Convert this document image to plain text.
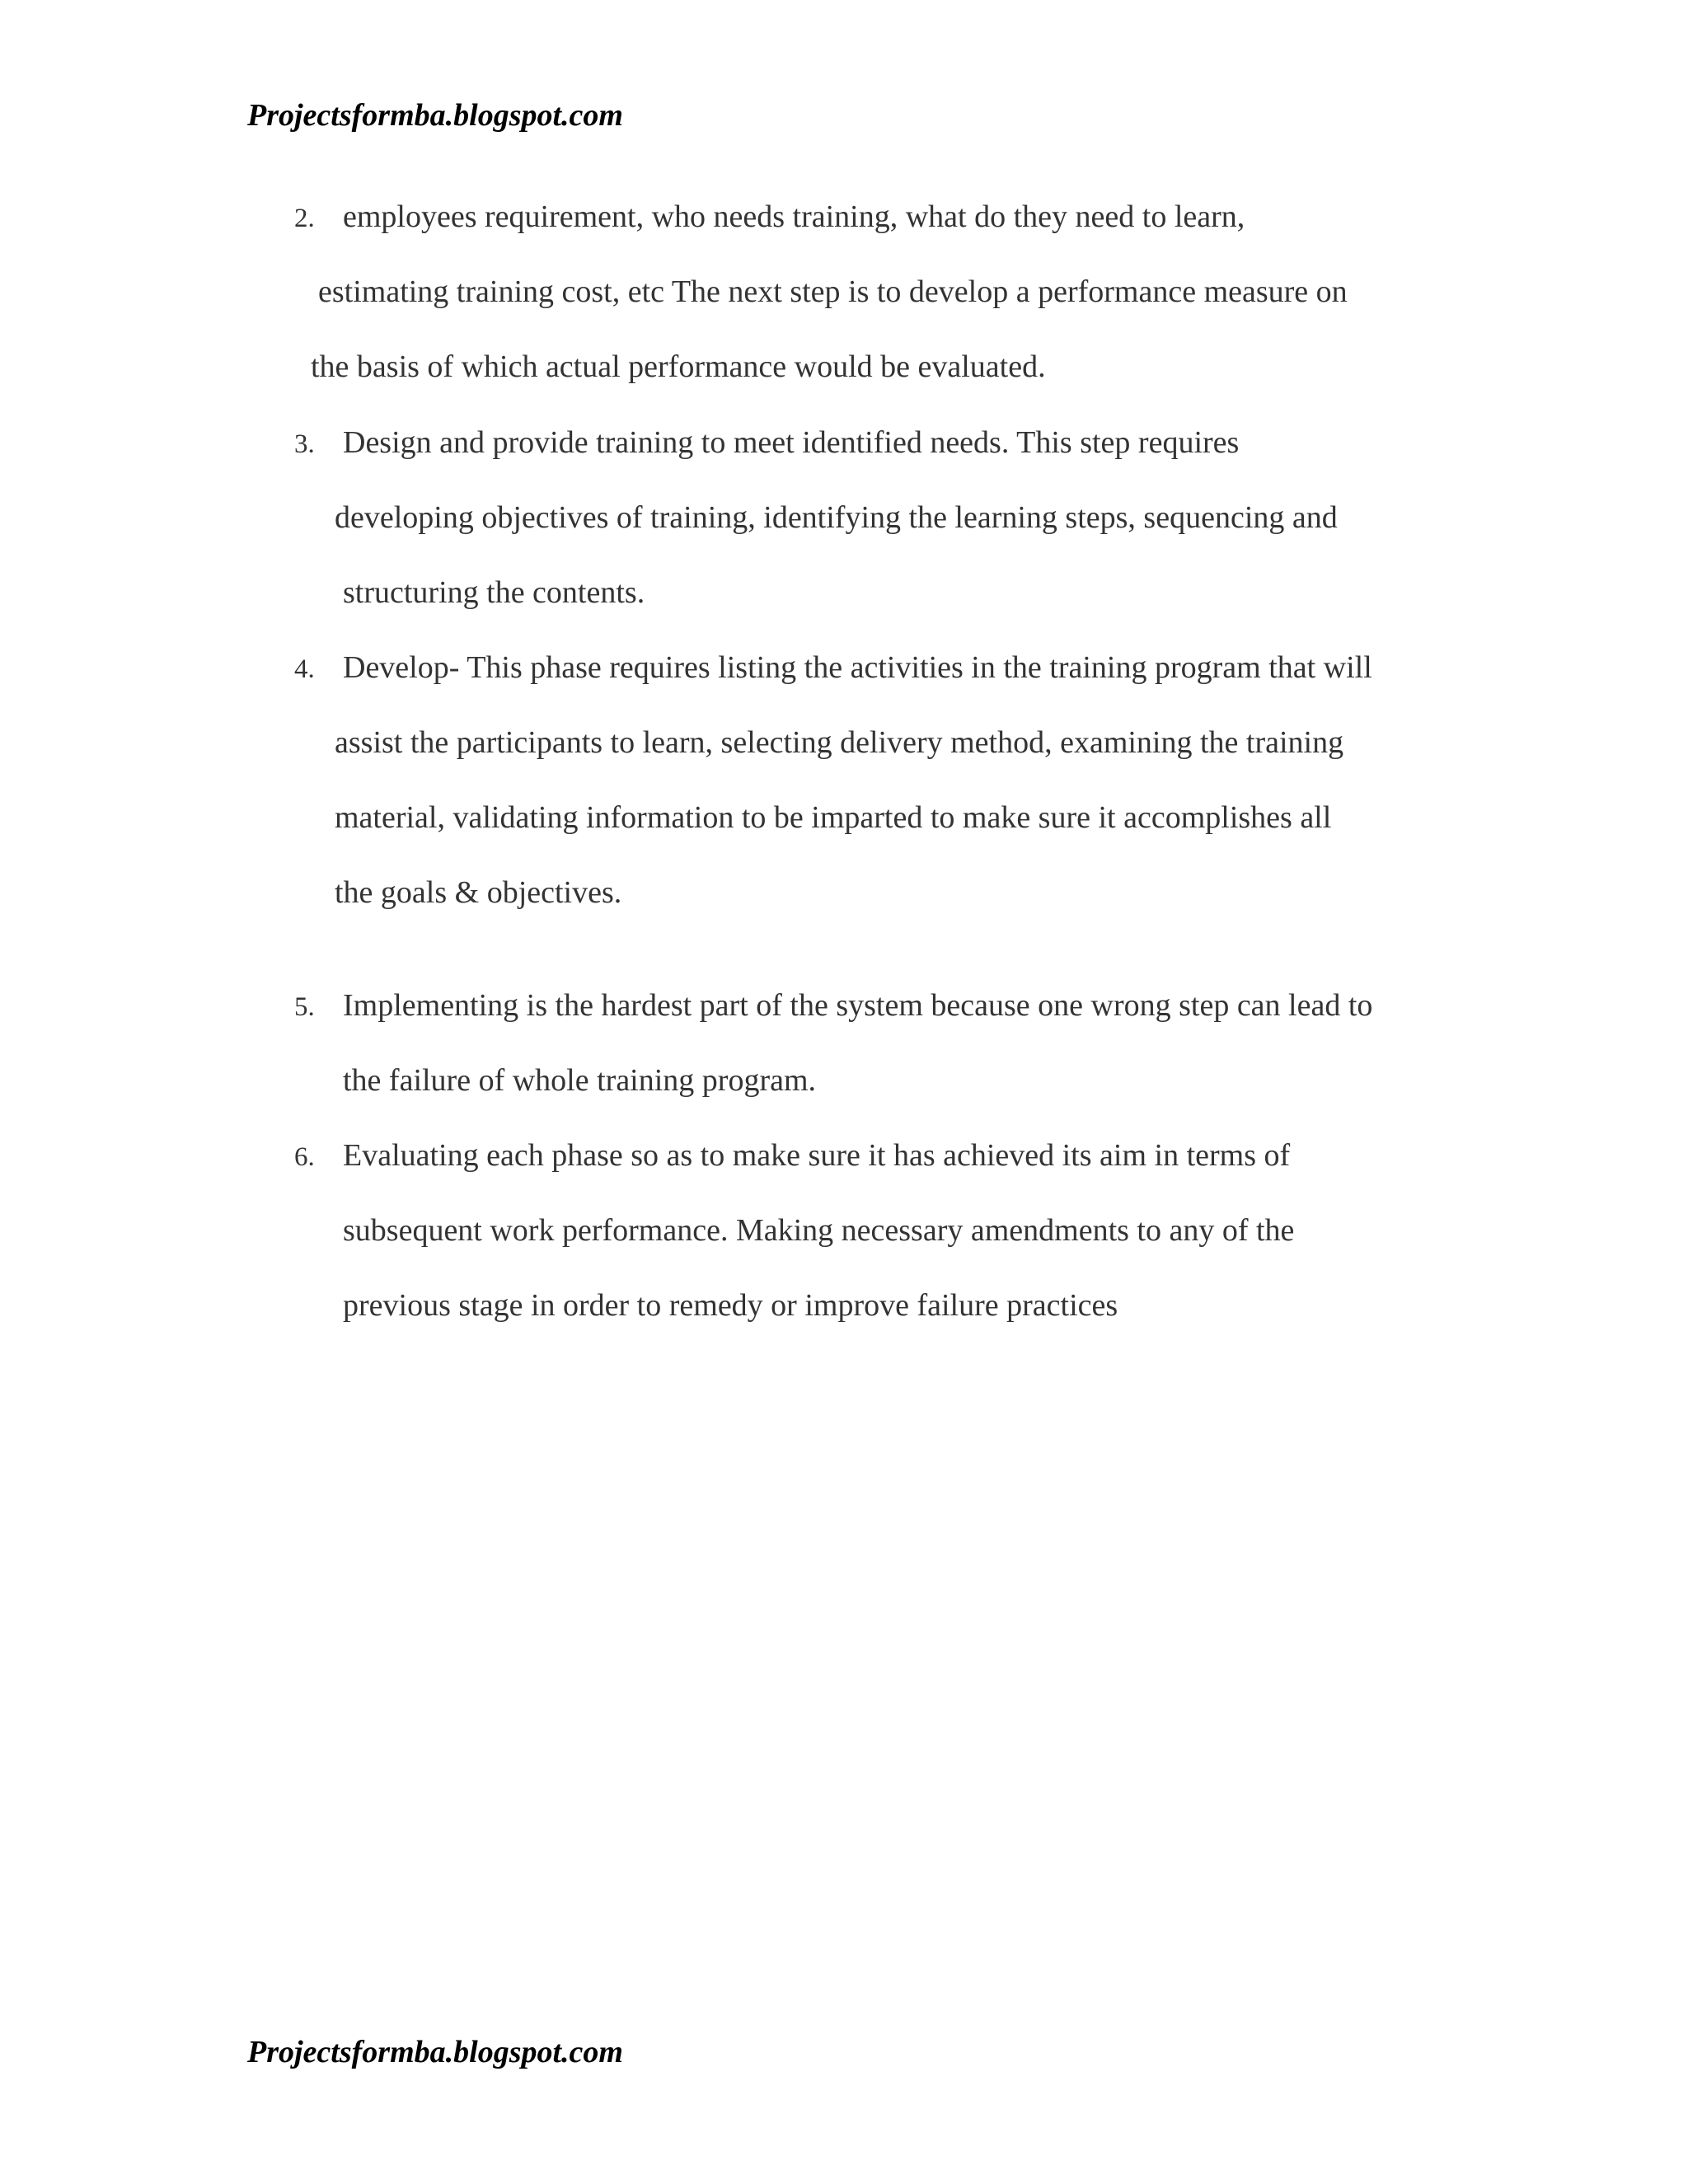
Projectsformba.blogspot.com
2. employees requirement, who needs training, what do they need to learn,
estimating training cost, etc The next step is to develop a performance measure on
the basis of which actual performance would be evaluated.
3. Design and provide training to meet identified needs. This step requires
developing objectives of training, identifying the learning steps, sequencing and
structuring the contents.
4. Develop- This phase requires listing the activities in the training program that will
assist the participants to learn, selecting delivery method, examining the training
material, validating information to be imparted to make sure it accomplishes all
the goals & objectives.
5. Implementing is the hardest part of the system because one wrong step can lead to
the failure of whole training program.
6. Evaluating each phase so as to make sure it has achieved its aim in terms of
subsequent work performance. Making necessary amendments to any of the
previous stage in order to remedy or improve failure practices
Projectsformba.blogspot.com
